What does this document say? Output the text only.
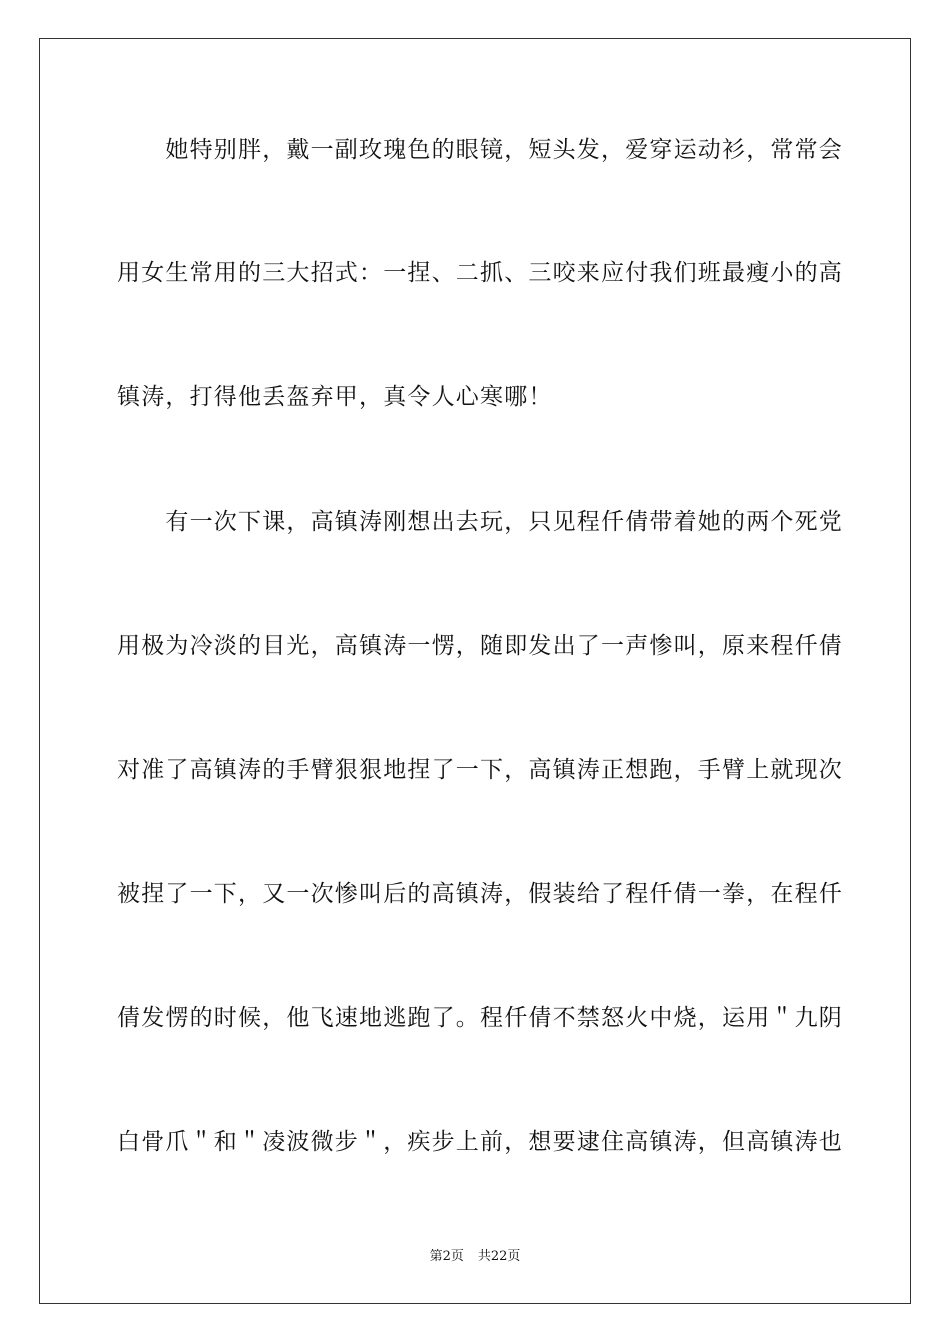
　　她特别胖，戴一副玫瑰色的眼镜，短头发，爱穿运动衫，常常会
用女生常用的三大招式：一捏、二抓、三咬来应付我们班最瘦小的高
镇涛，打得他丢盔弃甲，真令人心寒哪！
　　有一次下课，高镇涛刚想出去玩，只见程仟倩带着她的两个死党
用极为冷淡的目光，高镇涛一愣，随即发出了一声惨叫，原来程仟倩
对准了高镇涛的手臂狠狠地捏了一下，高镇涛正想跑，手臂上就现次
被捏了一下，又一次惨叫后的高镇涛，假装给了程仟倩一拳，在程仟
倩发愣的时候，他飞速地逃跑了。程仟倩不禁怒火中烧，运用＂九阴
白骨爪＂和＂凌波微步＂，疾步上前，想要逮住高镇涛，但高镇涛也
第2页 共22页
